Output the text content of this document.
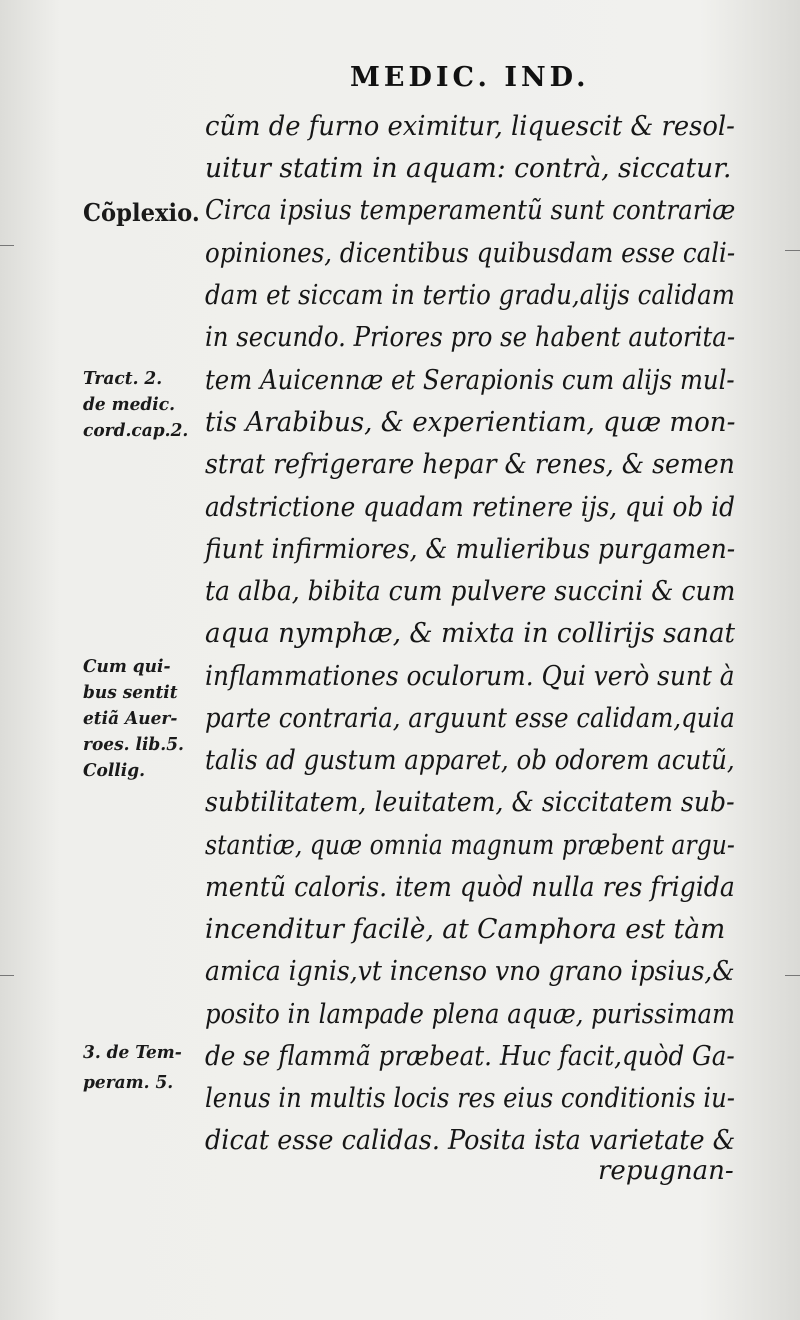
MEDIC. IND.
cũm de furno eximitur, liquescit & resol-
uitur statim in aquam: contrà, siccatur.
Circa ipsius temperamentũ sunt contrariæ
opiniones, dicentibus quibusdam esse cali-
dam et siccam in tertio gradu,alijs calidam
in secundo. Priores pro se habent autorita-
tem Auicennæ et Serapionis cum alijs mul-
tis Arabibus, & experientiam, quæ mon-
strat refrigerare hepar & renes, & semen
adstrictione quadam retinere ijs, qui ob id
fiunt infirmiores, & mulieribus purgamen-
ta alba, bibita cum pulvere succini & cum
aqua nymphæ, & mixta in collirijs sanat
inflammationes oculorum. Qui verò sunt à
parte contraria, arguunt esse calidam,quia
talis ad gustum apparet, ob odorem acutũ,
subtilitatem, leuitatem, & siccitatem sub-
stantiæ, quæ omnia magnum præbent argu-
mentũ caloris. item quòd nulla res frigida
incenditur facilè, at Camphora est tàm
amica ignis,vt incenso vno grano ipsius,&
posito in lampade plena aquæ, purissimam
de se flammã præbeat. Huc facit,quòd Ga-
lenus in multis locis res eius conditionis iu-
dicat esse calidas. Posita ista varietate &
repugnan-
Cõplexio.
Tract. 2.
de medic.
cord.cap.2.
Cum qui-
bus sentit
etiã Auer-
roes. lib.5.
Collig.
3. de Tem-
peram. 5.
